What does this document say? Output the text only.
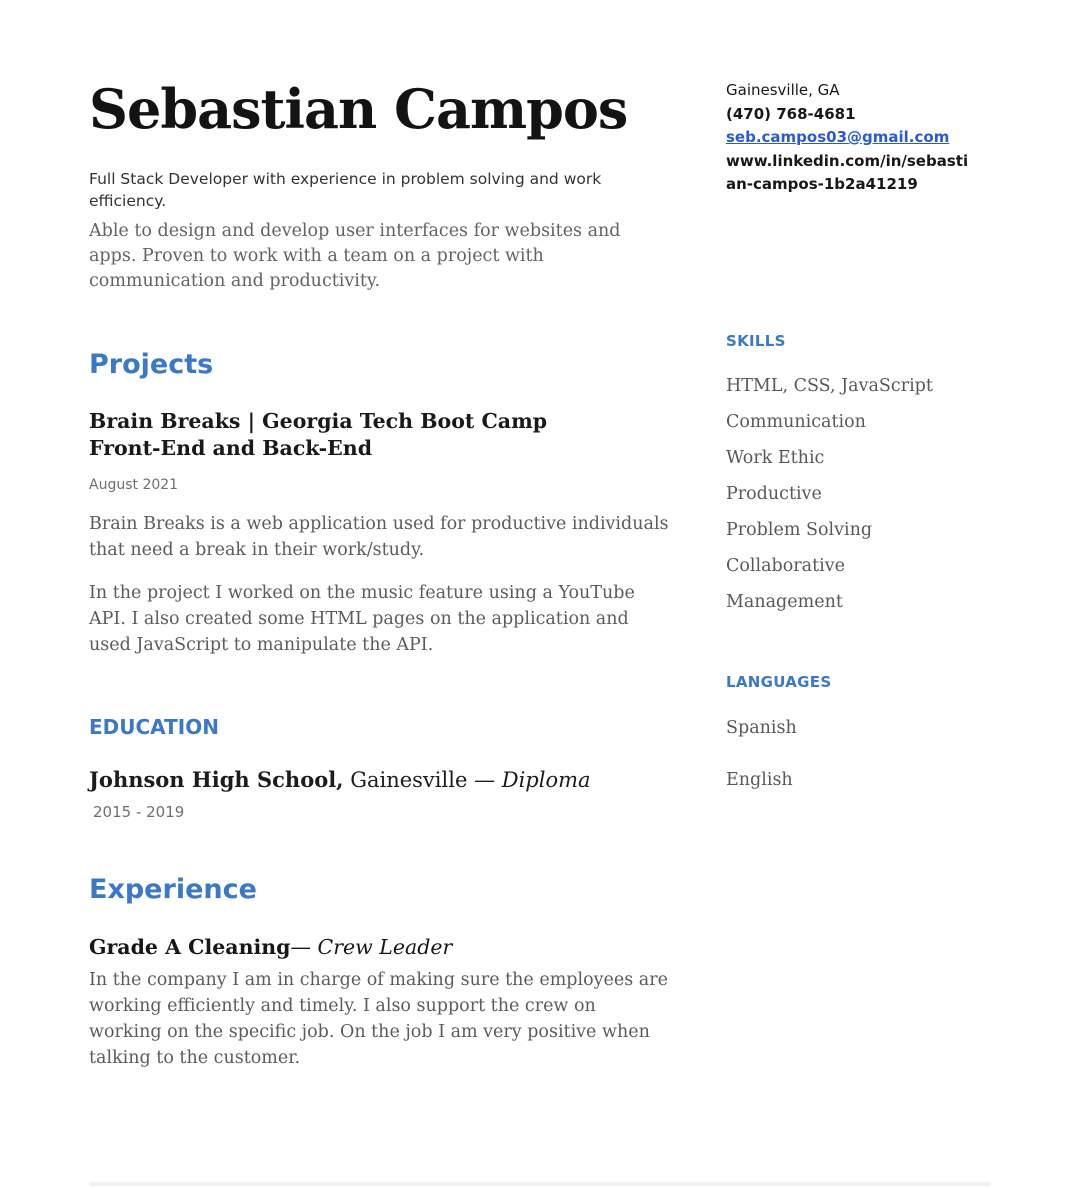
Sebastian Campos
Full Stack Developer with experience in problem solving and work efficiency.
Able to design and develop user interfaces for websites and apps. Proven to work with a team on a project with communication and productivity.
Projects
Brain Breaks | Georgia Tech Boot Camp
Front-End and Back-End
August 2021

Brain Breaks is a web application used for productive individuals that need a break in their work/study.

In the project I worked on the music feature using a YouTube API. I also created some HTML pages on the application and used JavaScript to manipulate the API.

EDUCATION
Johnson High School, Gainesville — Diploma
2015 - 2019
Experience
Grade A Cleaning— Crew Leader

In the company I am in charge of making sure the employees are working efficiently and timely. I also support the crew on working on the specific job. On the job I am very positive when talking to the customer.

Gainesville, GA
(470) 768-4681
seb.campos03@gmail.com
www.linkedin.com/in/sebastian-campos-1b2a41219
SKILLS
HTML, CSS, JavaScript
Communication
Work Ethic
Productive
Problem Solving
Collaborative
Management
LANGUAGES
Spanish
English
